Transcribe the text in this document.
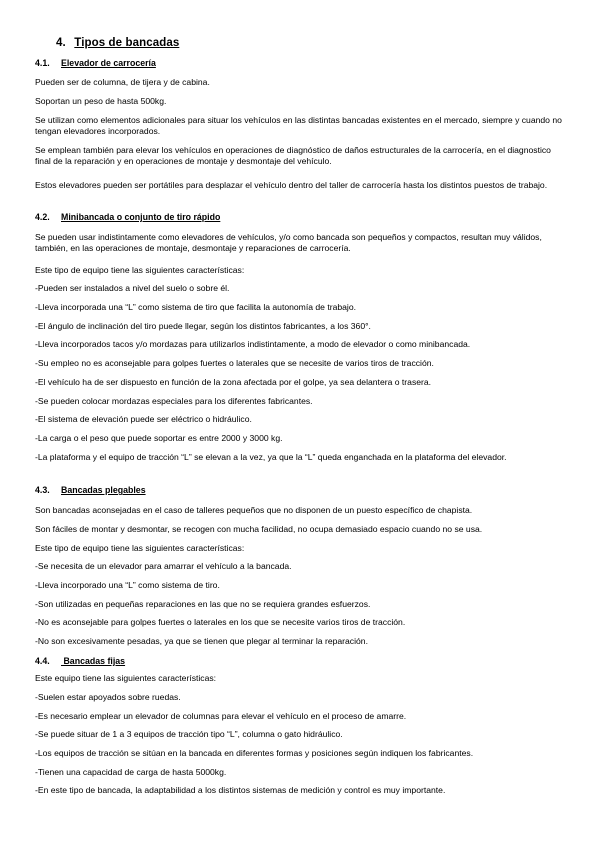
4. Tipos de bancadas
4.1. Elevador de carrocería
Pueden ser de columna, de tijera y de cabina.
Soportan un peso de hasta 500kg.
Se utilizan como elementos adicionales para situar los vehículos en las distintas bancadas existentes en el mercado, siempre y cuando no tengan elevadores incorporados.
Se emplean también para elevar los vehículos en operaciones de diagnóstico de daños estructurales de la carrocería, en el diagnostico final de la reparación y en operaciones de montaje y desmontaje del vehículo.
Estos elevadores pueden ser portátiles para desplazar el vehículo dentro del taller de carrocería hasta los distintos puestos de trabajo.
4.2. Minibancada o conjunto de tiro rápido
Se pueden usar indistintamente como elevadores de vehículos, y/o como bancada son pequeños y compactos, resultan muy válidos, también, en las operaciones de montaje, desmontaje y reparaciones de carrocería.
Este tipo de equipo tiene las siguientes características:
-Pueden ser instalados a nivel del suelo o sobre él.
-Lleva incorporada una “L” como sistema de tiro que facilita la autonomía de trabajo.
-El ángulo de inclinación del tiro puede llegar, según los distintos fabricantes, a los 360°.
-Lleva incorporados tacos y/o mordazas para utilizarlos indistintamente, a modo de elevador o como minibancada.
-Su empleo no es aconsejable para golpes fuertes o laterales que se necesite de varios tiros de tracción.
-El vehículo ha de ser dispuesto en función de la zona afectada por el golpe, ya sea delantera o trasera.
-Se pueden colocar mordazas especiales para los diferentes fabricantes.
-El sistema de elevación puede ser eléctrico o hidráulico.
-La carga o el peso que puede soportar es entre 2000 y 3000 kg.
-La plataforma y el equipo de tracción “L” se elevan a la vez, ya que la “L” queda enganchada en la plataforma del elevador.
4.3. Bancadas plegables
Son bancadas aconsejadas en el caso de talleres pequeños que no disponen de un puesto específico de chapista.
Son fáciles de montar y desmontar, se recogen con mucha facilidad, no ocupa demasiado espacio cuando no se usa.
Este tipo de equipo tiene las siguientes características:
-Se necesita de un elevador para amarrar el vehículo a la bancada.
-Lleva incorporado una “L” como sistema de tiro.
-Son utilizadas en pequeñas reparaciones en las que no se requiera grandes esfuerzos.
-No es aconsejable para golpes fuertes o laterales en los que se necesite varios tiros de tracción.
-No son excesivamente pesadas, ya que se tienen que plegar al terminar la reparación.
4.4. Bancadas fijas
Este equipo tiene las siguientes características:
-Suelen estar apoyados sobre ruedas.
-Es necesario emplear un elevador de columnas para elevar el vehículo en el proceso de amarre.
-Se puede situar de 1 a 3 equipos de tracción tipo “L”, columna o gato hidráulico.
-Los equipos de tracción se sitúan en la bancada en diferentes formas y posiciones según indiquen los fabricantes.
-Tienen una capacidad de carga de hasta 5000kg.
-En este tipo de bancada, la adaptabilidad a los distintos sistemas de medición y control es muy importante.
